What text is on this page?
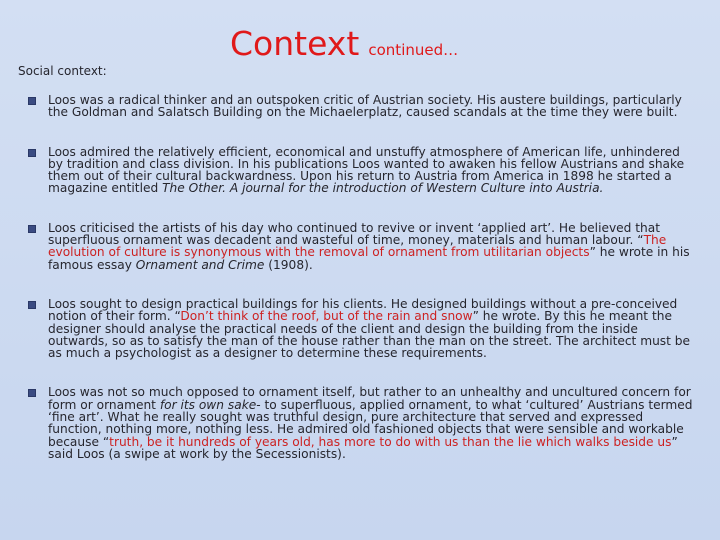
Context continued…
Social context:
Loos was a radical thinker and an outspoken critic of Austrian society. His austere buildings, particularly the Goldman and Salatsch Building on the Michaelerplatz, caused scandals at the time they were built.
Loos admired the relatively efficient, economical and unstuffy atmosphere of American life, unhindered by tradition and class division. In his publications Loos wanted to awaken his fellow Austrians and shake them out of their cultural backwardness. Upon his return to Austria from America in 1898 he started a magazine entitled The Other. A journal for the introduction of Western Culture into Austria.
Loos criticised the artists of his day who continued to revive or invent ‘applied art’. He believed that superfluous ornament was decadent and wasteful of time, money, materials and human labour. “The evolution of culture is synonymous with the removal of ornament from utilitarian objects” he wrote in his famous essay Ornament and Crime (1908).
Loos sought to design practical buildings for his clients. He designed buildings without a pre-conceived notion of their form. “Don’t think of the roof, but of the rain and snow” he wrote. By this he meant the designer should analyse the practical needs of the client and design the building from the inside outwards, so as to satisfy the man of the house rather than the man on the street. The architect must be as much a psychologist as a designer to determine these requirements.
Loos was not so much opposed to ornament itself, but rather to an unhealthy and uncultured concern for form or ornament for its own sake- to superfluous, applied ornament, to what ‘cultured’ Austrians termed ‘fine art’. What he really sought was truthful design, pure architecture that served and expressed function, nothing more, nothing less. He admired old fashioned objects that were sensible and workable because “truth, be it hundreds of years old, has more to do with us than the lie which walks beside us” said Loos (a swipe at work by the Secessionists).
